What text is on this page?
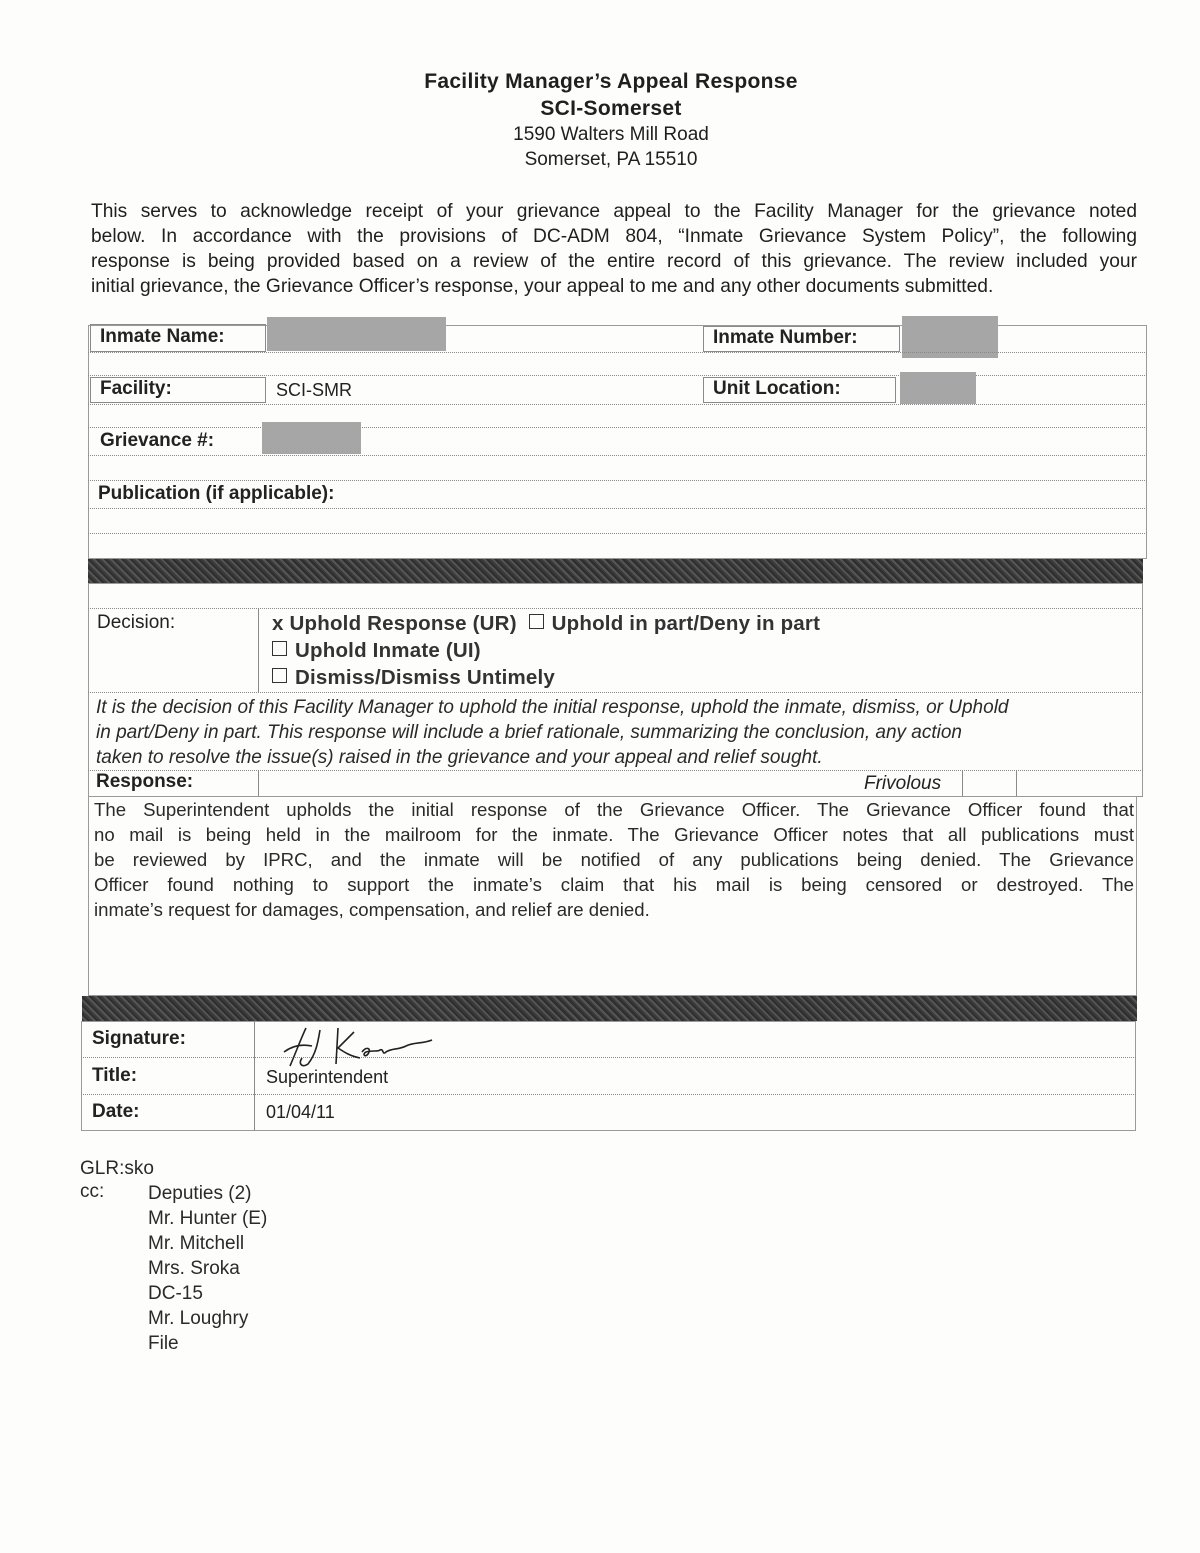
Facility Manager’s Appeal Response
SCI-Somerset
1590 Walters Mill Road
Somerset, PA 15510
This serves to acknowledge receipt of your grievance appeal to the Facility Manager for the grievance noted
below. In accordance with the provisions of DC-ADM 804, “Inmate Grievance System Policy”, the following
response is being provided based on a review of the entire record of this grievance. The review included your
initial grievance, the Grievance Officer’s response, your appeal to me and any other documents submitted.
Inmate Name:	Inmate Number:
Facility:	SCI-SMR	Unit Location:
Grievance #:
Publication (if applicable):
Decision:	x Uphold Response (UR) Uphold in part/Deny in part
Uphold Inmate (UI)
Dismiss/Dismiss Untimely
It is the decision of this Facility Manager to uphold the initial response, uphold the inmate, dismiss, or Uphold
in part/Deny in part. This response will include a brief rationale, summarizing the conclusion, any action
taken to resolve the issue(s) raised in the grievance and your appeal and relief sought.
Response:	Frivolous
The Superintendent upholds the initial response of the Grievance Officer. The Grievance Officer found that
no mail is being held in the mailroom for the inmate. The Grievance Officer notes that all publications must
be reviewed by IPRC, and the inmate will be notified of any publications being denied. The Grievance
Officer found nothing to support the inmate’s claim that his mail is being censored or destroyed. The
inmate’s request for damages, compensation, and relief are denied.
Signature:
Title:	Superintendent
Date:	01/04/11
GLR:sko
cc: Deputies (2)
Mr. Hunter (E)
Mr. Mitchell
Mrs. Sroka
DC-15
Mr. Loughry
File
